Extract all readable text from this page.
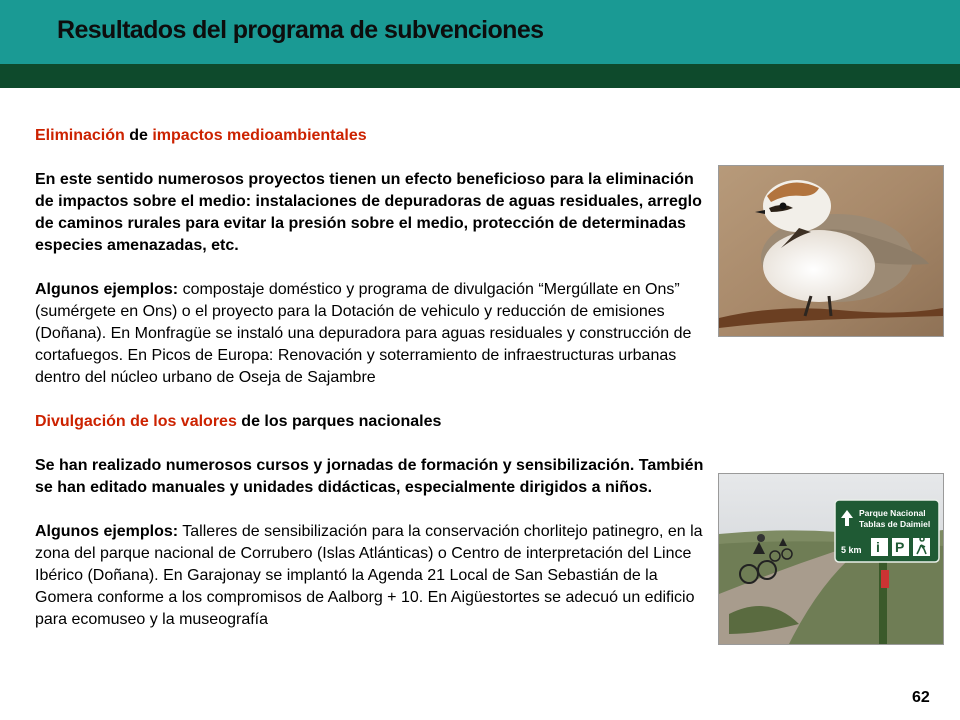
Resultados del programa de subvenciones

Eliminación de impactos medioambientales

En este sentido numerosos proyectos tienen un efecto beneficioso para la eliminación de impactos sobre el medio: instalaciones de depuradoras de aguas residuales, arreglo de caminos rurales para evitar la presión sobre el medio, protección de determinadas especies amenazadas, etc.

Algunos ejemplos: compostaje doméstico y programa de divulgación “Mergúllate en Ons” (sumérgete en Ons) o el proyecto para la Dotación de vehiculo y reducción de emisiones (Doñana). En Monfragüe se instaló una depuradora para aguas residuales y construcción de cortafuegos. En Picos de Europa: Renovación y soterramiento de infraestructuras urbanas dentro del núcleo urbano de Oseja de Sajambre

Divulgación de los valores de los parques nacionales

Se han realizado numerosos cursos y jornadas de formación y sensibilización. También se han editado manuales y unidades didácticas, especialmente dirigidos a niños.

Algunos ejemplos: Talleres de sensibilización para la conservación chorlitejo patinegro, en la zona del parque nacional de Corrubero (Islas Atlánticas) o Centro de interpretación del Lince Ibérico (Doñana). En Garajonay se implantó la Agenda 21 Local de San Sebastián de la Gomera conforme a los compromisos de Aalborg + 10. En Aigüestortes se adecuó un edificio para ecomuseo y la museografía

Parque Nacional
Tablas de Daimiel
5 km i P
62
